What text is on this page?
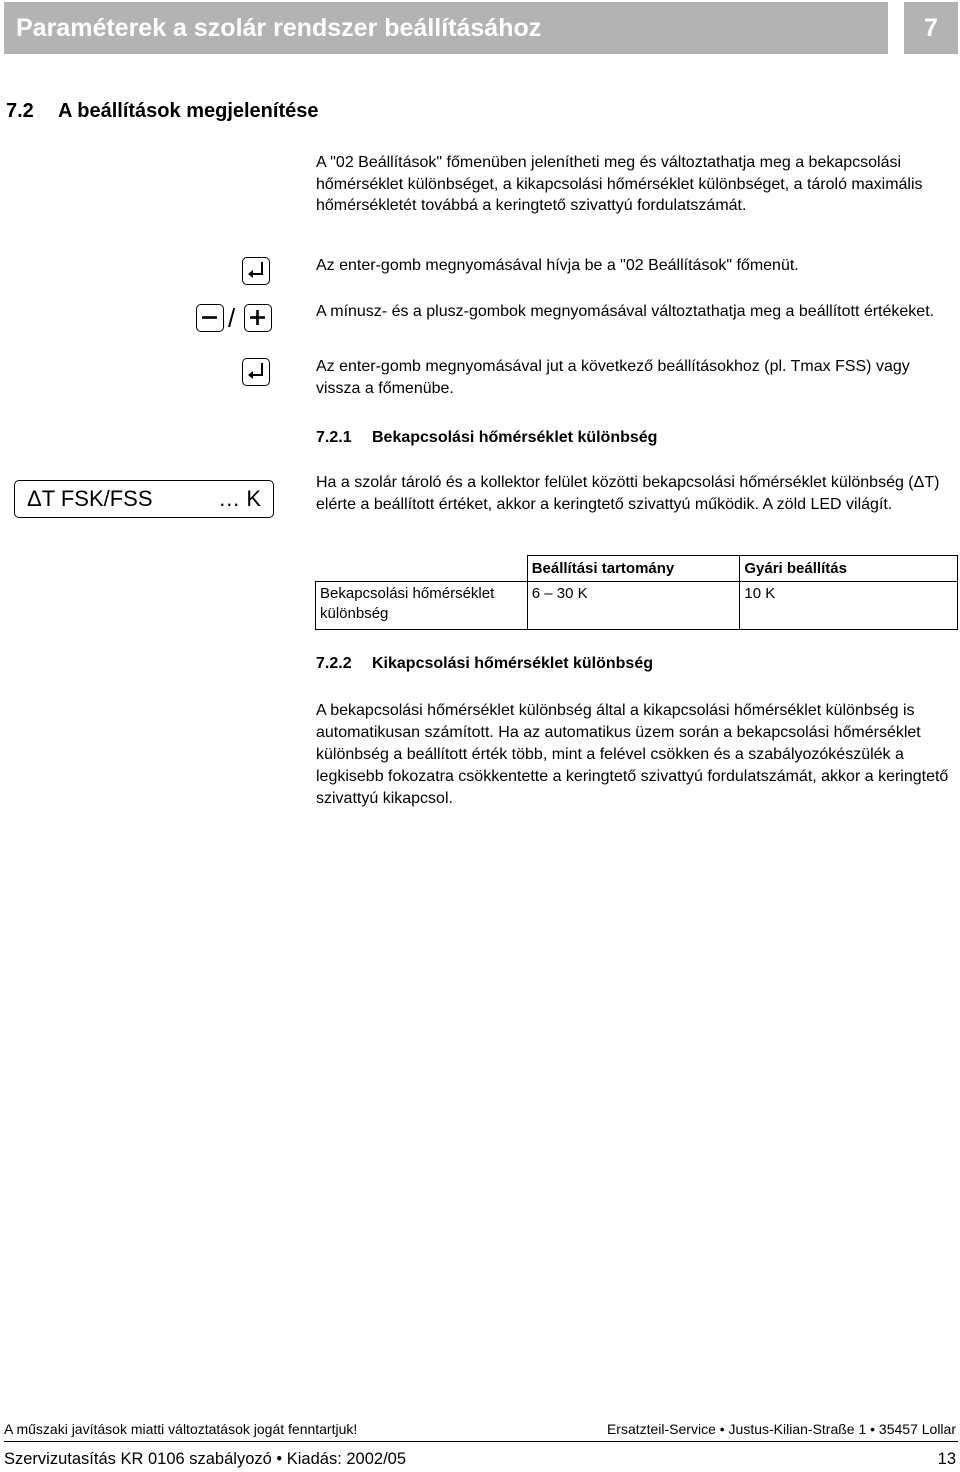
Paraméterek a szolár rendszer beállításához	7
7.2 A beállítások megjelenítése
A "02 Beállítások" főmenüben jelenítheti meg és változtathatja meg a bekapcsolási hőmérséklet különbséget, a kikapcsolási hőmérséklet különbséget, a tároló maximális hőmérsékletét továbbá a keringtető szivattyú fordulatszámát.
Az enter-gomb megnyomásával hívja be a "02 Beállítások" főmenüt.
/	A mínusz- és a plusz-gombok megnyomásával változtathatja meg a beállított értékeket.
Az enter-gomb megnyomásával jut a következő beállításokhoz (pl. Tmax FSS) vagy vissza a főmenübe.
7.2.1 Bekapcsolási hőmérséklet különbség
ΔT FSK/FSS	… K
Ha a szolár tároló és a kollektor felület közötti bekapcsolási hőmérséklet különbség (ΔT) elérte a beállított értéket, akkor a keringtető szivattyú működik. A zöld LED világít.
	Beállítási tartomány	Gyári beállítás
Bekapcsolási hőmérséklet különbség	6 – 30 K	10 K
7.2.2 Kikapcsolási hőmérséklet különbség
A bekapcsolási hőmérséklet különbség által a kikapcsolási hőmérséklet különbség is automatikusan számított. Ha az automatikus üzem során a bekapcsolási hőmérséklet különbség a beállított érték több, mint a felével csökken és a szabályozókészülék a legkisebb fokozatra csökkentette a keringtető szivattyú fordulatszámát, akkor a keringtető szivattyú kikapcsol.
A műszaki javítások miatti változtatások jogát fenntartjuk!	Ersatzteil-Service • Justus-Kilian-Straße 1 • 35457 Lollar
Szervizutasítás KR 0106 szabályozó • Kiadás: 2002/05	13
